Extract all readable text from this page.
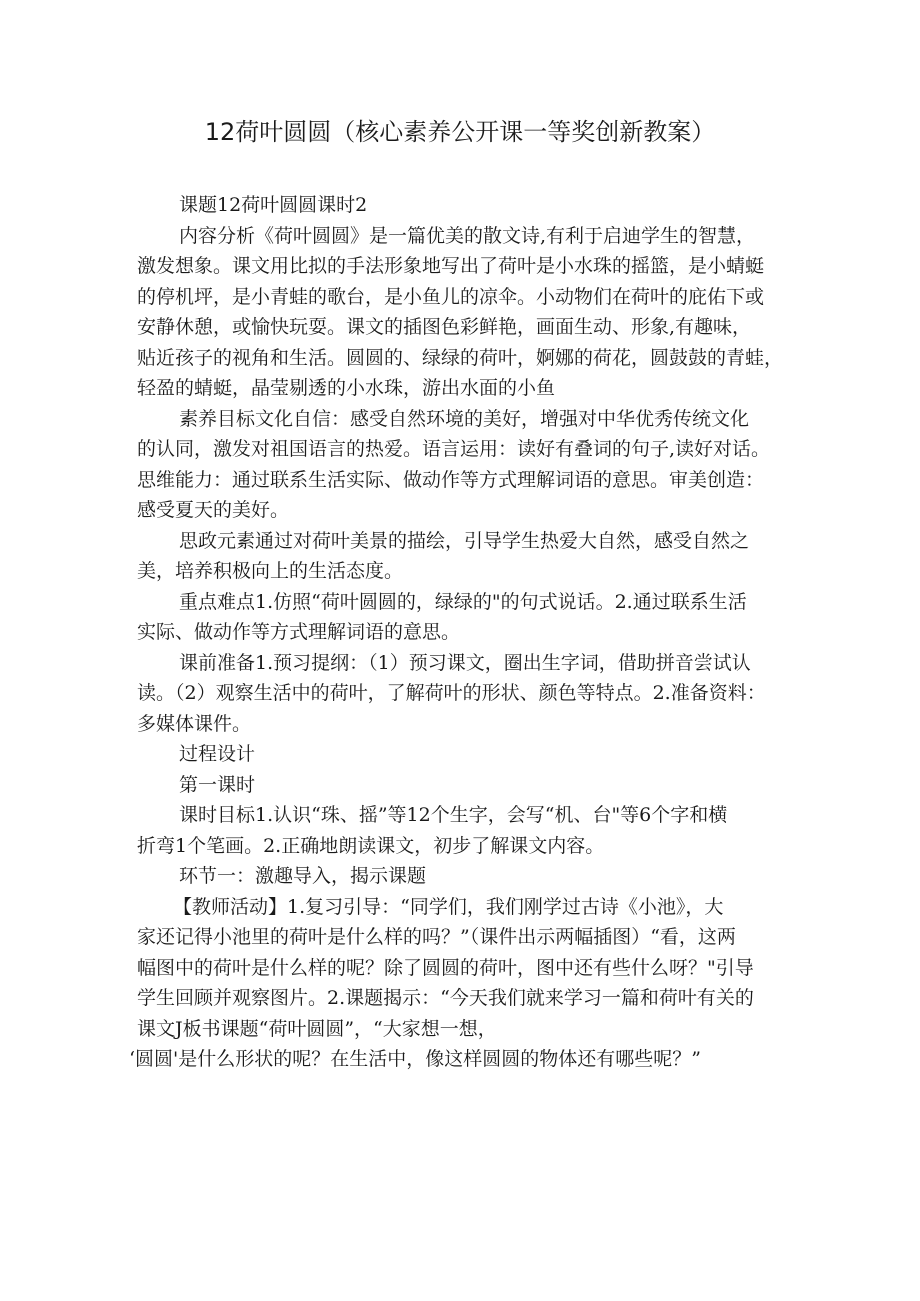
12荷叶圆圆（核心素养公开课一等奖创新教案）
课题12荷叶圆圆课时2
内容分析《荷叶圆圆》是一篇优美的散文诗,有利于启迪学生的智慧，
激发想象。课文用比拟的手法形象地写出了荷叶是小水珠的摇篮，是小蜻蜓
的停机坪，是小青蛙的歌台，是小鱼儿的凉伞。小动物们在荷叶的庇佑下或
安静休憩，或愉快玩耍。课文的插图色彩鲜艳，画面生动、形象,有趣味，
贴近孩子的视角和生活。圆圆的、绿绿的荷叶，婀娜的荷花，圆鼓鼓的青蛙，
轻盈的蜻蜓，晶莹剔透的小水珠，游出水面的小鱼
素养目标文化自信：感受自然环境的美好，增强对中华优秀传统文化
的认同，激发对祖国语言的热爱。语言运用：读好有叠词的句子,读好对话。
思维能力：通过联系生活实际、做动作等方式理解词语的意思。审美创造：
感受夏天的美好。
思政元素通过对荷叶美景的描绘，引导学生热爱大自然，感受自然之
美，培养积极向上的生活态度。
重点难点1.仿照“荷叶圆圆的，绿绿的"的句式说话。2.通过联系生活
实际、做动作等方式理解词语的意思。
课前准备1.预习提纲：（1）预习课文，圈出生字词，借助拼音尝试认
读。（2）观察生活中的荷叶，了解荷叶的形状、颜色等特点。2.准备资料：
多媒体课件。
过程设计
第一课时
课时目标1.认识“珠、摇”等12个生字，会写“机、台"等6个字和横
折弯1个笔画。2.正确地朗读课文，初步了解课文内容。
环节一：激趣导入，揭示课题
【教师活动】1.复习引导：“同学们，我们刚学过古诗《小池》，大
家还记得小池里的荷叶是什么样的吗？”（课件出示两幅插图）“看，这两
幅图中的荷叶是什么样的呢？除了圆圆的荷叶，图中还有些什么呀？"引导
学生回顾并观察图片。2.课题揭示：“今天我们就来学习一篇和荷叶有关的
课文J板书课题“荷叶圆圆”，“大家想一想，
‘圆圆'是什么形状的呢？在生活中，像这样圆圆的物体还有哪些呢？”
